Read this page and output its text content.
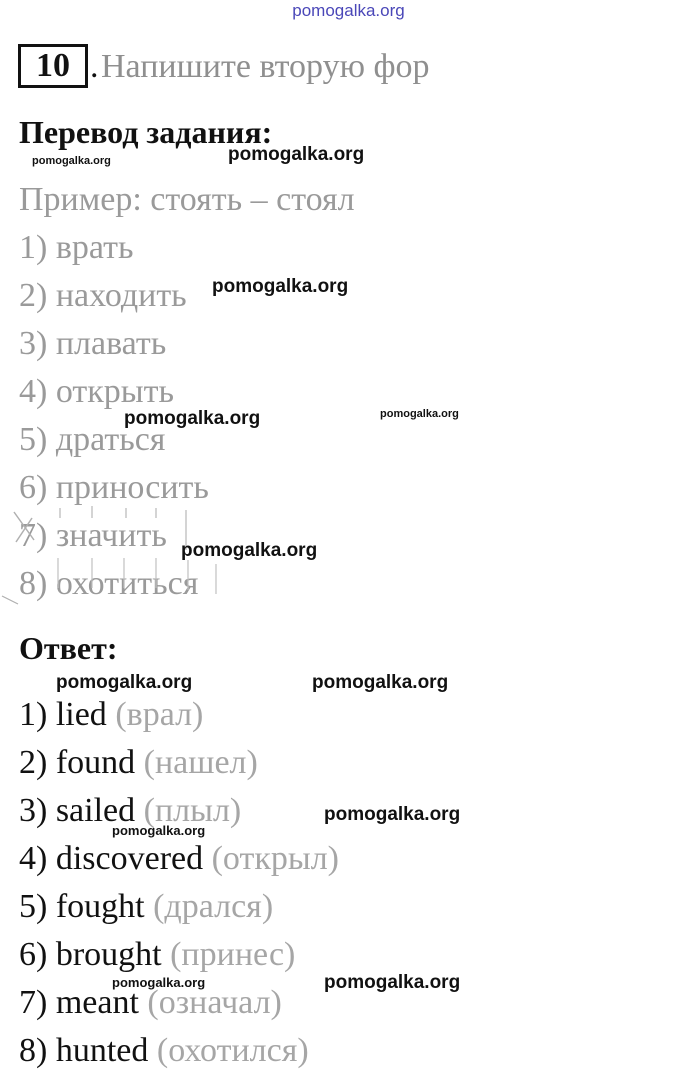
pomogalka.org
10 . Напишите вторую фор
Перевод задания:
Пример: стоять – стоял
1) врать
2) находить
3) плавать
4) открыть
5) драться
6) приносить
7) значить
8) охотиться
Ответ:
1) lied (врал)
2) found (нашел)
3) sailed (плыл)
4) discovered (открыл)
5) fought (дрался)
6) brought (принес)
7) meant (означал)
8) hunted (охотился)
pomogalka.org	pomogalka.org
pomogalka.org
pomogalka.org	pomogalka.org
pomogalka.org
pomogalka.org	pomogalka.org
pomogalka.org
pomogalka.org
pomogalka.org	pomogalka.org
